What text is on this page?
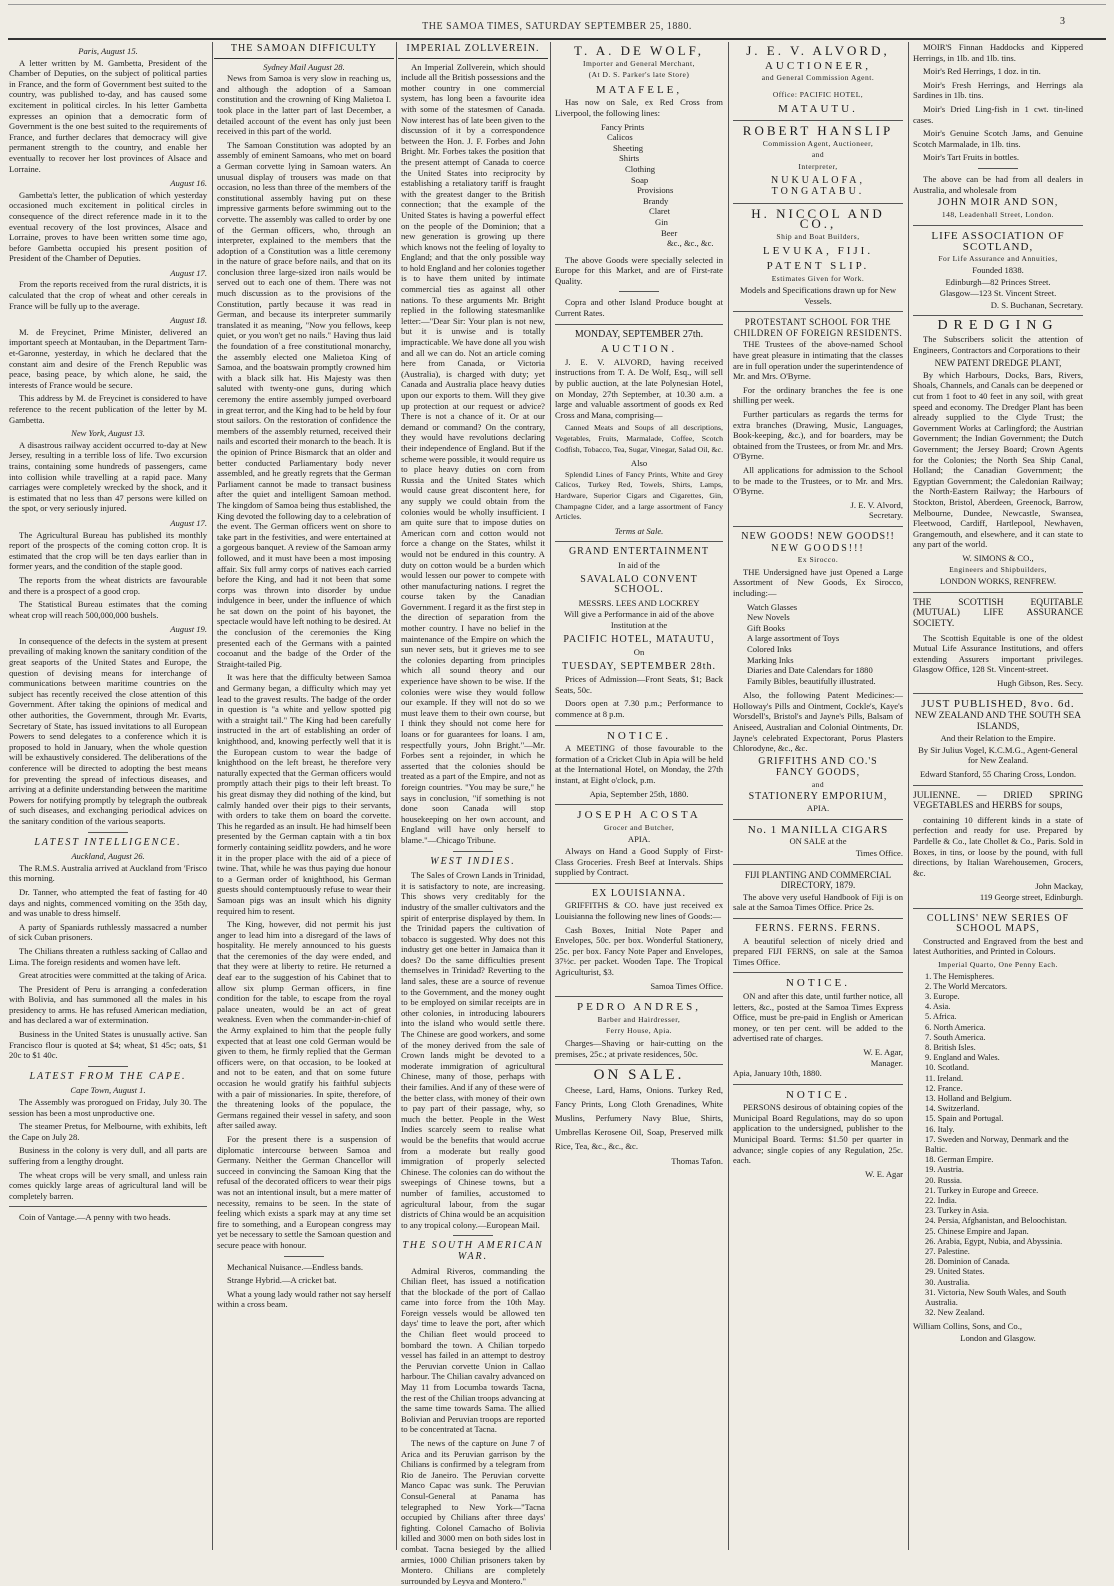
THE SAMOA TIMES, SATURDAY SEPTEMBER 25, 1880.	3
Paris, August 15.

A letter written by M. Gambetta, President of the Chamber of Deputies, on the subject of political parties in France, and the form of Government best suited to the country, was published to-day, and has caused some excitement in political circles. In his letter Gambetta expresses an opinion that a democratic form of Government is the one best suited to the requirements of France, and further declares that democracy will give permanent strength to the country, and enable her eventually to recover her lost provinces of Alsace and Lorraine.

August 16.

Gambetta's letter, the publication of which yesterday occasioned much excitement in political circles in consequence of the direct reference made in it to the eventual recovery of the lost provinces, Alsace and Lorraine, proves to have been written some time ago, before Gambetta occupied his present position of President of the Chamber of Deputies.

August 17.

From the reports received from the rural districts, it is calculated that the crop of wheat and other cereals in France will be fully up to the average.

August 18.

M. de Freycinet, Prime Minister, delivered an important speech at Montauban, in the Department Tarn-et-Garonne, yesterday, in which he declared that the constant aim and desire of the French Republic was peace, basing peace, by which alone, he said, the interests of France would be secure.

This address by M. de Freycinet is considered to have reference to the recent publication of the letter by M. Gambetta.

New York, August 13.

A disastrous railway accident occurred to-day at New Jersey, resulting in a terrible loss of life. Two excursion trains, containing some hundreds of passengers, came into collision while travelling at a rapid pace. Many carriages were completely wrecked by the shock, and it is estimated that no less than 47 persons were killed on the spot, or very seriously injured.

August 17.

The Agricultural Bureau has published its monthly report of the prospects of the coming cotton crop. It is estimated that the crop will be ten days earlier than in former years, and the condition of the staple good.

The reports from the wheat districts are favourable and there is a prospect of a good crop.

The Statistical Bureau estimates that the coming wheat crop will reach 500,000,000 bushels.

August 19.

In consequence of the defects in the system at present prevailing of making known the sanitary condition of the great seaports of the United States and Europe, the question of devising means for interchange of communications between maritime countries on the subject has recently received the close attention of this Government. After taking the opinions of medical and other authorities, the Government, through Mr. Evarts, Secretary of State, has issued invitations to all European Powers to send delegates to a conference which it is proposed to hold in January, when the whole question will be exhaustively considered. The deliberations of the conference will be directed to adopting the best means for preventing the spread of infectious diseases, and arriving at a definite understanding between the maritime Powers for notifying promptly by telegraph the outbreak of such diseases, and exchanging periodical advices on the sanitary condition of the various seaports.

LATEST INTELLIGENCE.
Auckland, August 26.

The R.M.S. Australia arrived at Auckland from 'Frisco this morning.

Dr. Tanner, who attempted the feat of fasting for 40 days and nights, commenced vomiting on the 35th day, and was unable to dress himself.

A party of Spaniards ruthlessly massacred a number of sick Cuban prisoners.

The Chilians threaten a ruthless sacking of Callao and Lima. The foreign residents and women have left.

Great atrocities were committed at the taking of Arica.

The President of Peru is arranging a confederation with Bolivia, and has summoned all the males in his presidency to arms. He has refused American mediation, and has declared a war of extermination.

Business in the United States is unusually active. San Francisco flour is quoted at $4; wheat, $1 45c; oats, $1 20c to $1 40c.

LATEST FROM THE CAPE.
Cape Town, August 1.

The Assembly was prorogued on Friday, July 30. The session has been a most unproductive one.

The steamer Pretus, for Melbourne, with exhibits, left the Cape on July 28.

Business in the colony is very dull, and all parts are suffering from a lengthy drought.

The wheat crops will be very small, and unless rain comes quickly large areas of agricultural land will be completely barren.

Coin of Vantage.—A penny with two heads.

THE SAMOAN DIFFICULTY
Sydney Mail August 28.

News from Samoa is very slow in reaching us, and although the adoption of a Samoan constitution and the crowning of King Malietoa I. took place in the latter part of last December, a detailed account of the event has only just been received in this part of the world.

The Samoan Constitution was adopted by an assembly of eminent Samoans, who met on board a German corvette lying in Samoan waters. An unusual display of trousers was made on that occasion, no less than three of the members of the constitutional assembly having put on these impressive garments before swimming out to the corvette. The assembly was called to order by one of the German officers, who, through an interpreter, explained to the members that the adoption of a Constitution was a little ceremony in the nature of grace before nails, and that on its conclusion three large-sized iron nails would be served out to each one of them. There was not much discussion as to the provisions of the Constitution, partly because it was read in German, and because its interpreter summarily translated it as meaning, "Now you fellows, keep quiet, or you won't get no nails." Having thus laid the foundation of a free constitutional monarchy, the assembly elected one Malietoa King of Samoa, and the boatswain promptly crowned him with a black silk hat. His Majesty was then saluted with twenty-one guns, during which ceremony the entire assembly jumped overboard in great terror, and the King had to be held by four stout sailors. On the restoration of confidence the members of the assembly returned, received their nails and escorted their monarch to the beach. It is the opinion of Prince Bismarck that an older and better conducted Parliamentary body never assembled, and he greatly regrets that the German Parliament cannot be made to transact business after the quiet and intelligent Samoan method. The kingdom of Samoa being thus established, the King devoted the following day to a celebration of the event. The German officers went on shore to take part in the festivities, and were entertained at a gorgeous banquet. A review of the Samoan army followed, and it must have been a most imposing affair. Six full army corps of natives each carried before the King, and had it not been that some corps was thrown into disorder by undue indulgence in beer, under the influence of which he sat down on the point of his bayonet, the spectacle would have left nothing to be desired. At the conclusion of the ceremonies the King presented each of the Germans with a painted cocoanut and the badge of the Order of the Straight-tailed Pig.

It was here that the difficulty between Samoa and Germany began, a difficulty which may yet lead to the gravest results. The badge of the order in question is "a white and yellow spotted pig with a straight tail." The King had been carefully instructed in the art of establishing an order of knighthood, and, knowing perfectly well that it is the European custom to wear the badge of knighthood on the left breast, he therefore very naturally expected that the German officers would promptly attach their pigs to their left breast. To his great dismay they did nothing of the kind, but calmly handed over their pigs to their servants, with orders to take them on board the corvette. This he regarded as an insult. He had himself been presented by the German captain with a tin box formerly containing seidlitz powders, and he wore it in the proper place with the aid of a piece of twine. That, while he was thus paying due honour to a German order of knighthood, his German guests should contemptuously refuse to wear their Samoan pigs was an insult which his dignity required him to resent.

The King, however, did not permit his just anger to lead him into a disregard of the laws of hospitality. He merely announced to his guests that the ceremonies of the day were ended, and that they were at liberty to retire. He returned a deaf ear to the suggestion of his Cabinet that to allow six plump German officers, in fine condition for the table, to escape from the royal palace uneaten, would be an act of great weakness. Even when the commander-in-chief of the Army explained to him that the people fully expected that at least one cold German would be given to them, he firmly replied that the German officers were, on that occasion, to be looked at and not to be eaten, and that on some future occasion he would gratify his faithful subjects with a pair of missionaries. In spite, therefore, of the threatening looks of the populace, the Germans regained their vessel in safety, and soon after sailed away.

For the present there is a suspension of diplomatic intercourse between Samoa and Germany. Neither the German Chancellor will succeed in convincing the Samoan King that the refusal of the decorated officers to wear their pigs was not an intentional insult, but a mere matter of necessity, remains to be seen. In the state of feeling which exists a spark may at any time set fire to something, and a European congress may yet be necessary to settle the Samoan question and secure peace with honour.

Mechanical Nuisance.—Endless bands.

Strange Hybrid.—A cricket bat.

What a young lady would rather not say herself within a cross beam.

IMPERIAL ZOLLVEREIN.

An Imperial Zollverein, which should include all the British possessions and the mother country in one commercial system, has long been a favourite idea with some of the statesmen of Canada. Now interest has of late been given to the discussion of it by a correspondence between the Hon. J. F. Forbes and John Bright. Mr. Forbes takes the position that the present attempt of Canada to coerce the United States into reciprocity by establishing a retaliatory tariff is fraught with the greatest danger to the British connection; that the example of the United States is having a powerful effect on the people of the Dominion; that a new generation is growing up there which knows not the feeling of loyalty to England; and that the only possible way to hold England and her colonies together is to have them united by intimate commercial ties as against all other nations. To these arguments Mr. Bright replied in the following statesmanlike letter:—"Dear Sir: Your plan is not new, but it is unwise and is totally impracticable. We have done all you wish and all we can do. Not an article coming here from Canada, or Victoria (Australia), is charged with duty; yet Canada and Australia place heavy duties upon our exports to them. Will they give up protection at our request or advice? There is not a chance of it. Or at our demand or command? On the contrary, they would have revolutions declaring their independence of England. But if the scheme were possible, it would require us to place heavy duties on corn from Russia and the United States which would cause great discontent here, for any supply we could obtain from the colonies would be wholly insufficient. I am quite sure that to impose duties on American corn and cotton would not force a change on the States, whilst it would not be endured in this country. A duty on cotton would be a burden which would lessen our power to compete with other manufacturing nations. I regret the course taken by the Canadian Government. I regard it as the first step in the direction of separation from the mother country. I have no belief in the maintenance of the Empire on which the sun never sets, but it grieves me to see the colonies departing from principles which all sound theory and our experience have shown to be wise. If the colonies were wise they would follow our example. If they will not do so we must leave them to their own course, but I think they should not come here for loans or for guarantees for loans. I am, respectfully yours, John Bright."—Mr. Forbes sent a rejoinder, in which he asserted that the colonies should be treated as a part of the Empire, and not as foreign countries. "You may be sure," he says in conclusion, "if something is not done soon Canada will stop housekeeping on her own account, and England will have only herself to blame."—Chicago Tribune.

WEST INDIES.

The Sales of Crown Lands in Trinidad, it is satisfactory to note, are increasing. This shows very creditably for the industry of the smaller cultivators and the spirit of enterprise displayed by them. In the Trinidad papers the cultivation of tobacco is suggested. Why does not this industry get one better in Jamaica than it does? Do the same difficulties present themselves in Trinidad? Reverting to the land sales, these are a source of revenue to the Government, and the money ought to be employed on similar receipts are in other colonies, in introducing labourers into the island who would settle there. The Chinese are good workers, and some of the money derived from the sale of Crown lands might be devoted to a moderate immigration of agricultural Chinese, many of those, perhaps with their families. And if any of these were of the better class, with money of their own to pay part of their passage, why, so much the better. People in the West Indies scarcely seem to realise what would be the benefits that would accrue from a moderate but really good immigration of properly selected Chinese. The colonies can do without the sweepings of Chinese towns, but a number of families, accustomed to agricultural labour, from the sugar districts of China would be an acquisition to any tropical colony.—European Mail.

THE SOUTH AMERICAN WAR.

Admiral Riveros, commanding the Chilian fleet, has issued a notification that the blockade of the port of Callao came into force from the 10th May. Foreign vessels would be allowed ten days' time to leave the port, after which the Chilian fleet would proceed to bombard the town. A Chilian torpedo vessel has failed in an attempt to destroy the Peruvian corvette Union in Callao harbour. The Chilian cavalry advanced on May 11 from Locumba towards Tacna, the rest of the Chilian troops advancing at the same time towards Sama. The allied Bolivian and Peruvian troops are reported to be concentrated at Tacna.

The news of the capture on June 7 of Arica and its Peruvian garrison by the Chilians is confirmed by a telegram from Rio de Janeiro. The Peruvian corvette Manco Capac was sunk. The Peruvian Consul-General at Panama has telegraphed to New York—"Tacna occupied by Chilians after three days' fighting. Colonel Camacho of Bolivia killed and 3000 men on both sides lost in combat. Tacna besieged by the allied armies, 1000 Chilian prisoners taken by Montero. Chilians are completely surrounded by Leyva and Montero."

T. A. DE WOLF,
Importer and General Merchant,
(At D. S. Parker's late Store)
MATAFELE,

Has now on Sale, ex Red Cross from Liverpool, the following lines:

Fancy Prints
Calicos
Sheeting
Shirts
Clothing
Soap
Provisions
Brandy
Claret
Gin
Beer
&c., &c., &c.

The above Goods were specially selected in Europe for this Market, and are of First-rate Quality.

Copra and other Island Produce bought at Current Rates.

MONDAY, SEPTEMBER 27th.
AUCTION.

J. E. V. ALVORD, having received instructions from T. A. De Wolf, Esq., will sell by public auction, at the late Polynesian Hotel, on Monday, 27th September, at 10.30 a.m. a large and valuable assortment of goods ex Red Cross and Mana, comprising—

Canned Meats and Soups of all descriptions, Vegetables, Fruits, Marmalade, Coffee, Scotch Codfish, Tobacco, Tea, Sugar, Vinegar, Salad Oil, &c.

Also

Splendid Lines of Fancy Prints, White and Grey Calicos, Turkey Red, Towels, Shirts, Lamps, Hardware, Superior Cigars and Cigarettes, Gin, Champagne Cider, and a large assortment of Fancy Articles.

Terms at Sale.
GRAND ENTERTAINMENT
In aid of the
SAVALALO CONVENT SCHOOL.
MESSRS. LEES AND LOCKREY

Will give a Performance in aid of the above Institution at the

PACIFIC HOTEL, MATAUTU,
On
TUESDAY, SEPTEMBER 28th.

Prices of Admission—Front Seats, $1; Back Seats, 50c.

Doors open at 7.30 p.m.; Performance to commence at 8 p.m.

NOTICE.

A MEETING of those favourable to the formation of a Cricket Club in Apia will be held at the International Hotel, on Monday, the 27th instant, at Eight o'clock, p.m.

Apia, September 25th, 1880.
JOSEPH ACOSTA
Grocer and Butcher,
APIA.

Always on Hand a Good Supply of First-Class Groceries. Fresh Beef at Intervals. Ships supplied by Contract.

EX LOUISIANNA.

GRIFFITHS & CO. have just received ex Louisianna the following new lines of Goods:—

Cash Boxes, Initial Note Paper and Envelopes, 50c. per box. Wonderful Stationery, 25c. per box. Fancy Note Paper and Envelopes, 37½c. per packet. Wooden Tape. The Tropical Agriculturist, $3.

Samoa Times Office.
PEDRO ANDRES,
Barber and Hairdresser,
Ferry House, Apia.

Charges—Shaving or hair-cutting on the premises, 25c.; at private residences, 50c.

ON SALE.

Cheese, Lard, Hams, Onions. Turkey Red, Fancy Prints, Long Cloth Grenadines, White Muslins, Perfumery Navy Blue, Shirts, Umbrellas Kerosene Oil, Soap, Preserved milk Rice, Tea, &c., &c., &c.

Thomas Tafon.
J. E. V. ALVORD,
AUCTIONEER,
and General Commission Agent.
Office: PACIFIC HOTEL,
MATAUTU.
ROBERT HANSLIP
Commission Agent, Auctioneer,
and
Interpreter,
NUKUALOFA, TONGATABU.
H. NICCOL AND CO.,
Ship and Boat Builders,
LEVUKA, FIJI.
PATENT SLIP.
Estimates Given for Work.

Models and Specifications drawn up for New Vessels.

PROTESTANT SCHOOL FOR THE CHILDREN OF FOREIGN RESIDENTS.

THE Trustees of the above-named School have great pleasure in intimating that the classes are in full operation under the superintendence of Mr. and Mrs. O'Byrne.

For the ordinary branches the fee is one shilling per week.

Further particulars as regards the terms for extra branches (Drawing, Music, Languages, Book-keeping, &c.), and for boarders, may be obtained from the Trustees, or from Mr. and Mrs. O'Byrne.

All applications for admission to the School to be made to the Trustees, or to Mr. and Mrs. O'Byrne.

J. E. V. Alvord,
Secretary.
NEW GOODS! NEW GOODS!!
NEW GOODS!!!
Ex Sirocco.

THE Undersigned have just Opened a Large Assortment of New Goods, Ex Sirocco, including:—

Watch Glasses
New Novels
Gift Books
A large assortment of Toys
Colored Inks
Marking Inks
Diaries and Date Calendars for 1880
Family Bibles, beautifully illustrated.

Also, the following Patent Medicines:—Holloway's Pills and Ointment, Cockle's, Kaye's Worsdell's, Bristol's and Jayne's Pills, Balsam of Aniseed, Australian and Colonial Ointments, Dr. Jayne's celebrated Expectorant, Porus Plasters Chlorodyne, &c., &c.

GRIFFITHS AND CO.'S
FANCY GOODS,
and
STATIONERY EMPORIUM,
APIA.
No. 1 MANILLA CIGARS
ON SALE at the
Times Office.
FIJI PLANTING AND COMMERCIAL DIRECTORY, 1879.

The above very useful Handbook of Fiji is on sale at the Samoa Times Office. Price 2s.

FERNS. FERNS. FERNS.

A beautiful selection of nicely dried and prepared FIJI FERNS, on sale at the Samoa Times Office.

NOTICE.

ON and after this date, until further notice, all letters, &c., posted at the Samoa Times Express Office, must be pre-paid in English or American money, or ten per cent. will be added to the advertised rate of charges.

W. E. Agar,
Manager.
Apia, January 10th, 1880.
NOTICE.

PERSONS desirous of obtaining copies of the Municipal Board Regulations, may do so upon application to the undersigned, publisher to the Municipal Board. Terms: $1.50 per quarter in advance; single copies of any Regulation, 25c. each.

W. E. Agar

MOIR'S Finnan Haddocks and Kippered Herrings, in 1lb. and 1lb. tins.

Moir's Red Herrings, 1 doz. in tin.

Moir's Fresh Herrings, and Herrings ala Sardines in 1lb. tins.

Moir's Dried Ling-fish in 1 cwt. tin-lined cases.

Moir's Genuine Scotch Jams, and Genuine Scotch Marmalade, in 1lb. tins.

Moir's Tart Fruits in bottles.

The above can be had from all dealers in Australia, and wholesale from

JOHN MOIR AND SON,
148, Leadenhall Street, London.
LIFE ASSOCIATION OF SCOTLAND,
For Life Assurance and Annuities,
Founded 1838.
Edinburgh—82 Princes Street.
Glasgow—123 St. Vincent Street.
D. S. Buchanan, Secretary.
DREDGING

The Subscribers solicit the attention of Engineers, Contractors and Corporations to their

NEW PATENT DREDGE PLANT,

By which Harbours, Docks, Bars, Rivers, Shoals, Channels, and Canals can be deepened or cut from 1 foot to 40 feet in any soil, with great speed and economy. The Dredger Plant has been already supplied to the Clyde Trust; the Government Works at Carlingford; the Austrian Government; the Indian Government; the Dutch Government; the Jersey Board; Crown Agents for the Colonies; the North Sea Ship Canal, Holland; the Canadian Government; the Egyptian Government; the Caledonian Railway; the North-Eastern Railway; the Harbours of Stockton, Bristol, Aberdeen, Greenock, Barrow, Melbourne, Dundee, Newcastle, Swansea, Fleetwood, Cardiff, Hartlepool, Newhaven, Grangemouth, and elsewhere, and it can state to any part of the world.

W. SIMONS & CO.,
Engineers and Shipbuilders,
LONDON WORKS, RENFREW.

THE SCOTTISH EQUITABLE (MUTUAL) LIFE ASSURANCE SOCIETY.

The Scottish Equitable is one of the oldest Mutual Life Assurance Institutions, and offers extending Assurers important privileges. Glasgow Office, 128 St. Vincent-street.

Hugh Gibson, Res. Secy.
JUST PUBLISHED, 8vo. 6d.
NEW ZEALAND AND THE SOUTH SEA ISLANDS,
And their Relation to the Empire.

By Sir Julius Vogel, K.C.M.G., Agent-General for New Zealand.

Edward Stanford, 55 Charing Cross, London.

JULIENNE. — DRIED SPRING VEGETABLES and HERBS for soups,

containing 10 different kinds in a state of perfection and ready for use. Prepared by Pardelle & Co., late Chollet & Co., Paris. Sold in Boxes, in tins, or loose by the pound, with full directions, by Italian Warehousemen, Grocers, &c.

John Mackay,
119 George street, Edinburgh.
COLLINS' NEW SERIES OF SCHOOL MAPS,

Constructed and Engraved from the best and latest Authorities, and Printed in Colours.

Imperial Quarto, One Penny Each.
1. The Hemispheres.
2. The World Mercators.
3. Europe.
4. Asia.
5. Africa.
6. North America.
7. South America.
8. British Isles.
9. England and Wales.
10. Scotland.
11. Ireland.
12. France.
13. Holland and Belgium.
14. Switzerland.
15. Spain and Portugal.
16. Italy.
17. Sweden and Norway, Denmark and the Baltic.
18. German Empire.
19. Austria.
20. Russia.
21. Turkey in Europe and Greece.
22. India.
23. Turkey in Asia.
24. Persia, Afghanistan, and Beloochistan.
25. Chinese Empire and Japan.
26. Arabia, Egypt, Nubia, and Abyssinia.
27. Palestine.
28. Dominion of Canada.
29. United States.
30. Australia.
31. Victoria, New South Wales, and South Australia.
32. New Zealand.
William Collins, Sons, and Co.,
London and Glasgow.
